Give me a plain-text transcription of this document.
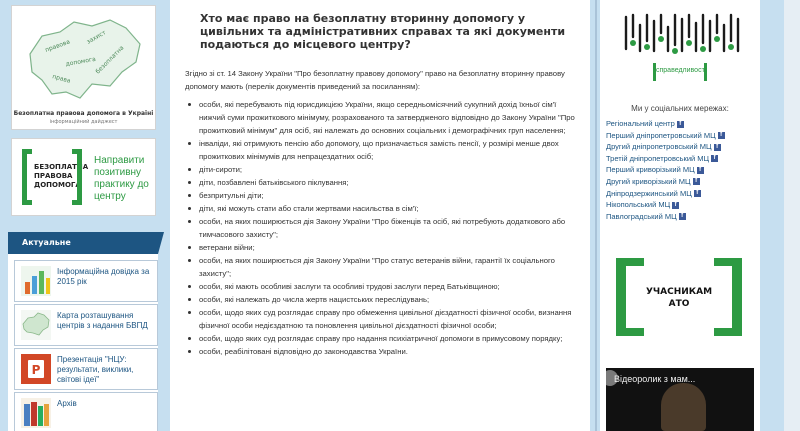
правова
допомога
захист
права
безоплатна
Безоплатна правова допомога в Україні
інформаційний дайджест
БЕЗОПЛАТНА ПРАВОВА ДОПОМОГА
Направити позитивну практику до центру
Актуальне
Інформаційна довідка за 2015 рік
Карта розташування центрів з надання БВПД
P
Презентація "НЦУ: результати, виклики, світові ідеї"
Архів
Хто має право на безоплатну вторинну допомогу у цивільних та адміністративних справах та які документи подаються до місцевого центру?
Згідно зі ст. 14 Закону України "Про безоплатну правову допомогу" право на безоплатну вторинну правову допомогу мають (перелік документів приведений за посиланням):
особи, які перебувають під юрисдикцією України, якщо середньомісячний сукупний дохід їхньої сім'ї нижчий суми прожиткового мінімуму, розрахованого та затвердженого відповідно до Закону України "Про прожитковий мінімум" для осіб, які належать до основних соціальних і демографічних груп населення;
інваліди, які отримують пенсію або допомогу, що призначається замість пенсії, у розмірі менше двох прожиткових мінімумів для непрацездатних осіб;
діти-сироти;
діти, позбавлені батьківського піклування;
безпритульні діти;
діти, які можуть стати або стали жертвами насильства в сім'ї;
особи, на яких поширюється дія Закону України "Про біженців та осіб, які потребують додаткового або тимчасового захисту";
ветерани війни;
особи, на яких поширюється дія Закону України "Про статус ветеранів війни, гарантії їх соціального захисту";
особи, які мають особливі заслуги та особливі трудові заслуги перед Батьківщиною;
особи, які належать до числа жертв нацистських переслідувань;
особи, щодо яких суд розглядає справу про обмеження цивільної дієздатності фізичної особи, визнання фізичної особи недієздатною та поновлення цивільної дієздатності фізичної особи;
особи, щодо яких суд розглядає справу про надання психіатричної допомоги в примусовому порядку;
особи, реабілітовані відповідно до законодавства України.
справедливості
Ми у соціальних мережах:
Регіональний центр f
Перший дніпропетровський МЦ f
Другий дніпропетровський МЦ f
Третій дніпропетровський МЦ f
Перший криворізький МЦ f
Другий криворізький МЦ f
Дніпродзержинський МЦ f
Нікопольський МЦ f
Павлоградський МЦ f
УЧАСНИКАМ АТО
Відеоролик з мам...
